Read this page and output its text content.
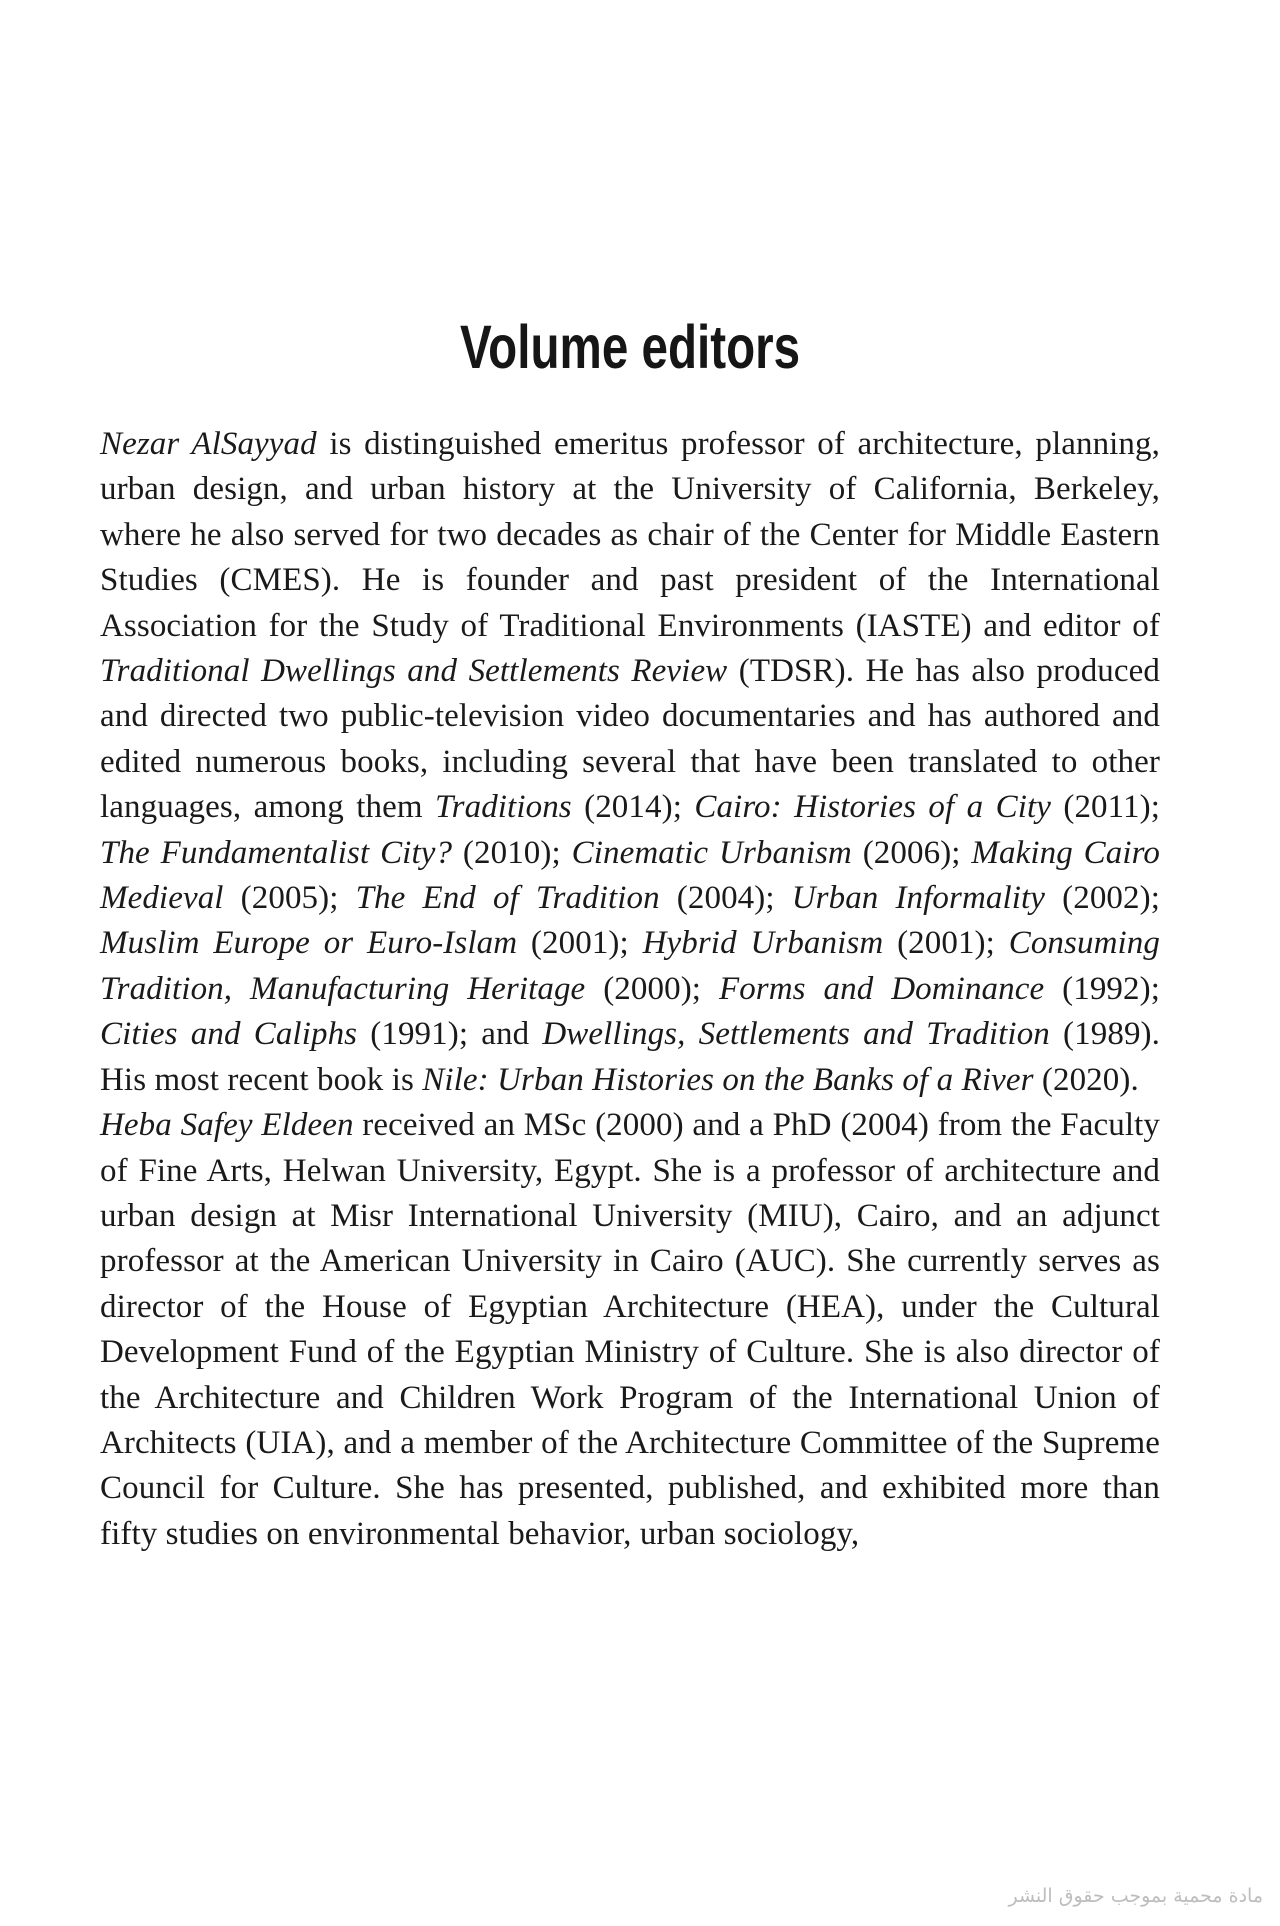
Volume editors
Nezar AlSayyad is distinguished emeritus professor of architecture, planning, urban design, and urban history at the University of California, Berkeley, where he also served for two decades as chair of the Center for Middle Eastern Studies (CMES). He is founder and past president of the International Association for the Study of Traditional Environments (IASTE) and editor of Traditional Dwellings and Settlements Review (TDSR). He has also produced and directed two public-television video documentaries and has authored and edited numerous books, including several that have been translated to other languages, among them Traditions (2014); Cairo: Histories of a City (2011); The Fundamentalist City? (2010); Cinematic Urbanism (2006); Making Cairo Medieval (2005); The End of Tradition (2004); Urban Informality (2002); Muslim Europe or Euro-Islam (2001); Hybrid Urbanism (2001); Consuming Tradition, Manufacturing Heritage (2000); Forms and Dominance (1992); Cities and Caliphs (1991); and Dwellings, Settlements and Tradition (1989). His most recent book is Nile: Urban Histories on the Banks of a River (2020).
Heba Safey Eldeen received an MSc (2000) and a PhD (2004) from the Faculty of Fine Arts, Helwan University, Egypt. She is a professor of architecture and urban design at Misr International University (MIU), Cairo, and an adjunct professor at the American University in Cairo (AUC). She currently serves as director of the House of Egyptian Architecture (HEA), under the Cultural Development Fund of the Egyptian Ministry of Culture. She is also director of the Architecture and Children Work Program of the International Union of Architects (UIA), and a member of the Architecture Committee of the Supreme Council for Culture. She has presented, published, and exhibited more than fifty studies on environmental behavior, urban sociology,
مادة محمية بموجب حقوق النشر
